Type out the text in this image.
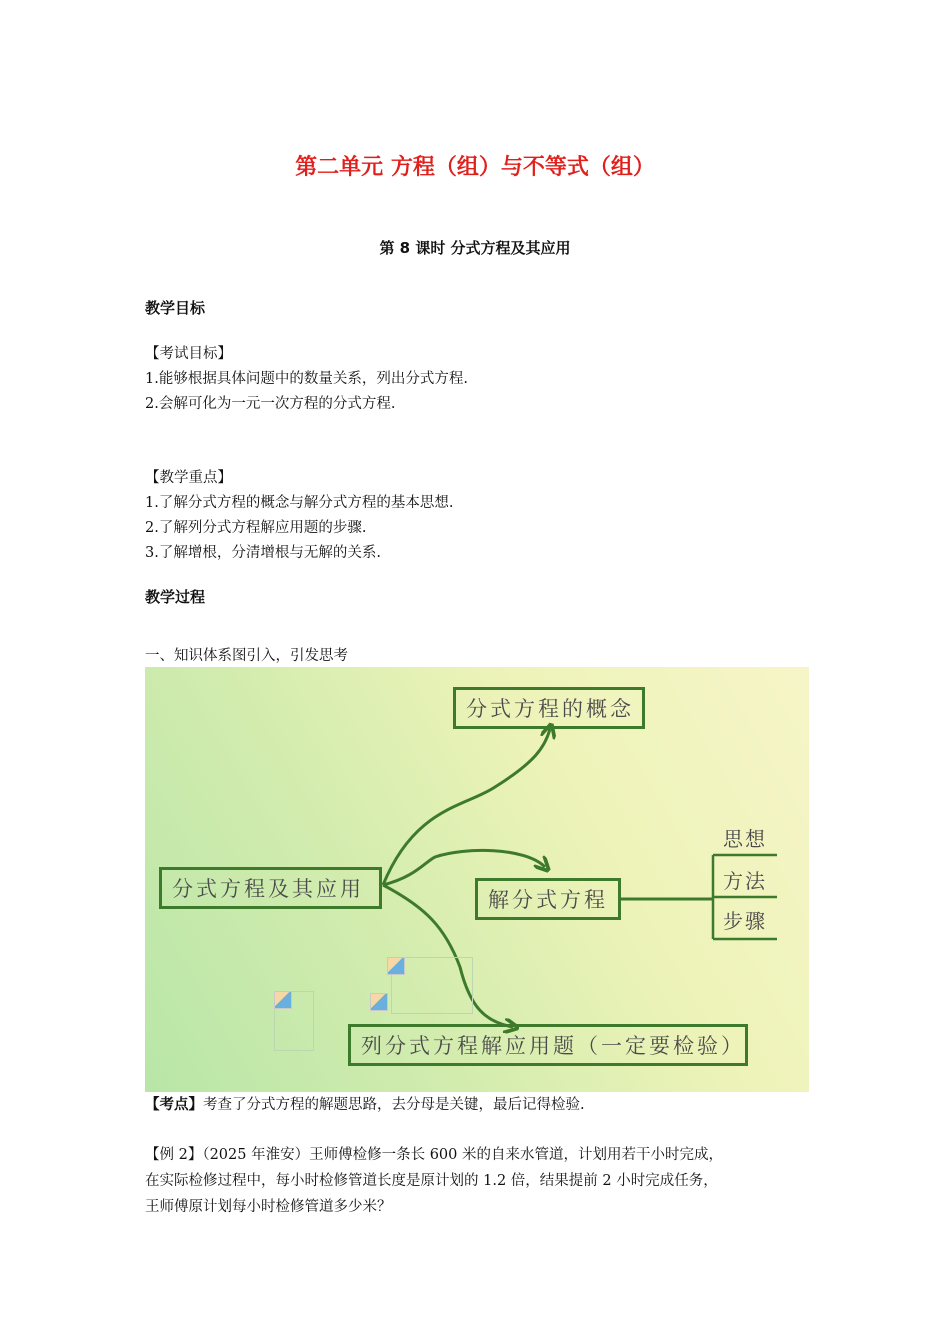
第二单元 方程（组）与不等式（组）
第 8 课时 分式方程及其应用
教学目标
【考试目标】
1.能够根据具体问题中的数量关系，列出分式方程.
2.会解可化为一元一次方程的分式方程.
【教学重点】
1.了解分式方程的概念与解分式方程的基本思想.
2.了解列分式方程解应用题的步骤.
3.了解增根，分清增根与无解的关系.
教学过程
一、知识体系图引入，引发思考
分式方程的概念
分式方程及其应用	解分式方程
列分式方程解应用题（一定要检验）
思想
方法
步骤
【考点】考查了分式方程的解题思路，去分母是关键，最后记得检验.
【例 2】（2025 年淮安）王师傅检修一条长 600 米的自来水管道，计划用若干小时完成，
在实际检修过程中，每小时检修管道长度是原计划的 1.2 倍，结果提前 2 小时完成任务，
王师傅原计划每小时检修管道多少米？
